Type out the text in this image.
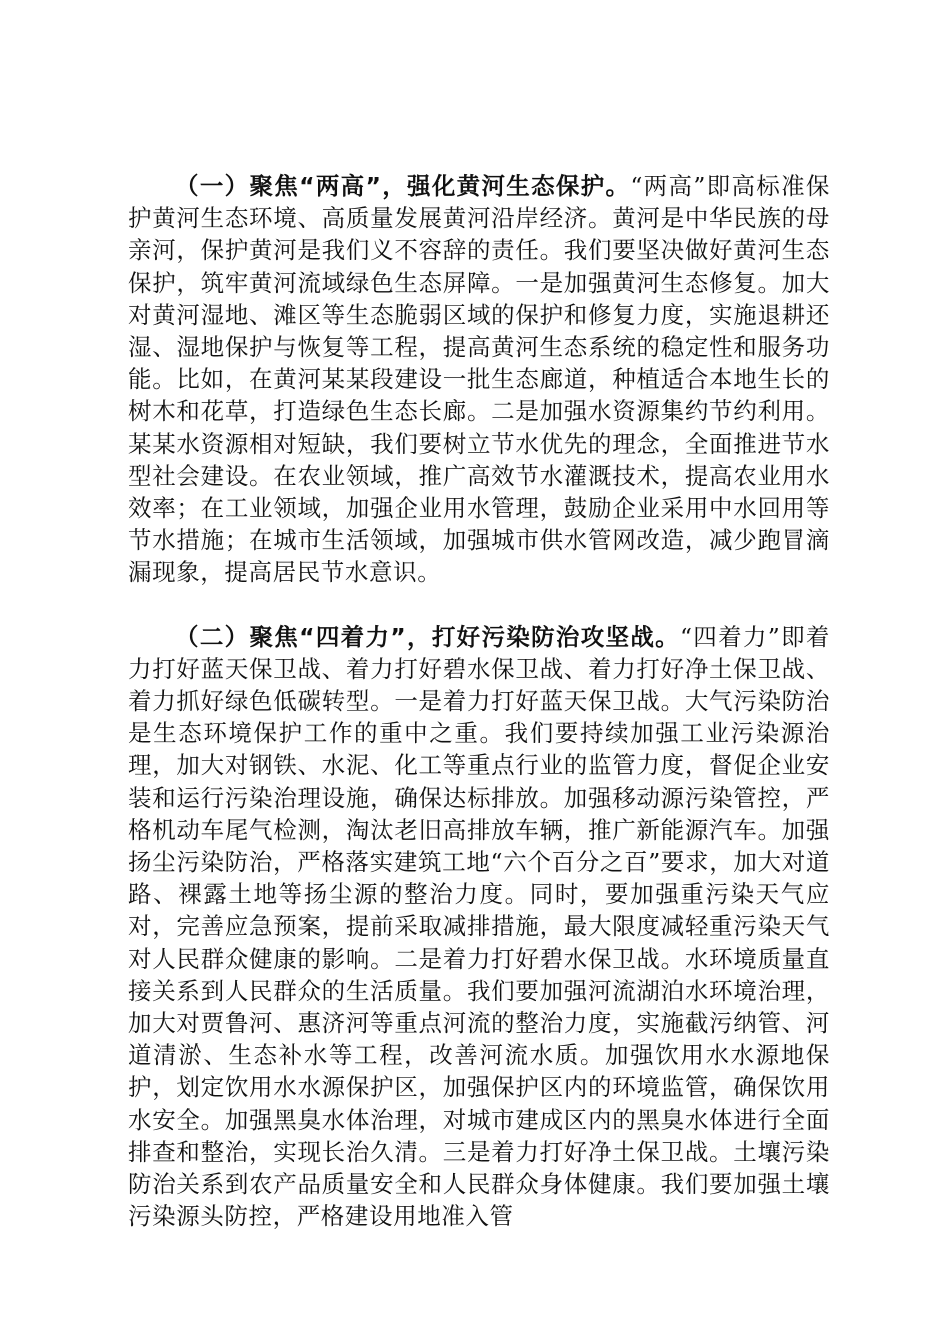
（一）聚焦“两高”，强化黄河生态保护。“两高”即高标准保护黄河生态环境、高质量发展黄河沿岸经济。黄河是中华民族的母亲河，保护黄河是我们义不容辞的责任。我们要坚决做好黄河生态保护，筑牢黄河流域绿色生态屏障。一是加强黄河生态修复。加大对黄河湿地、滩区等生态脆弱区域的保护和修复力度，实施退耕还湿、湿地保护与恢复等工程，提高黄河生态系统的稳定性和服务功能。比如，在黄河某某段建设一批生态廊道，种植适合本地生长的树木和花草，打造绿色生态长廊。二是加强水资源集约节约利用。某某水资源相对短缺，我们要树立节水优先的理念，全面推进节水型社会建设。在农业领域，推广高效节水灌溉技术，提高农业用水效率；在工业领域，加强企业用水管理，鼓励企业采用中水回用等节水措施；在城市生活领域，加强城市供水管网改造，减少跑冒滴漏现象，提高居民节水意识。

（二）聚焦“四着力”，打好污染防治攻坚战。“四着力”即着力打好蓝天保卫战、着力打好碧水保卫战、着力打好净土保卫战、着力抓好绿色低碳转型。一是着力打好蓝天保卫战。大气污染防治是生态环境保护工作的重中之重。我们要持续加强工业污染源治理，加大对钢铁、水泥、化工等重点行业的监管力度，督促企业安装和运行污染治理设施，确保达标排放。加强移动源污染管控，严格机动车尾气检测，淘汰老旧高排放车辆，推广新能源汽车。加强扬尘污染防治，严格落实建筑工地“六个百分之百”要求，加大对道路、裸露土地等扬尘源的整治力度。同时，要加强重污染天气应对，完善应急预案，提前采取减排措施，最大限度减轻重污染天气对人民群众健康的影响。二是着力打好碧水保卫战。水环境质量直接关系到人民群众的生活质量。我们要加强河流湖泊水环境治理，加大对贾鲁河、惠济河等重点河流的整治力度，实施截污纳管、河道清淤、生态补水等工程，改善河流水质。加强饮用水水源地保护，划定饮用水水源保护区，加强保护区内的环境监管，确保饮用水安全。加强黑臭水体治理，对城市建成区内的黑臭水体进行全面排查和整治，实现长治久清。三是着力打好净土保卫战。土壤污染防治关系到农产品质量安全和人民群众身体健康。我们要加强土壤污染源头防控，严格建设用地准入管
